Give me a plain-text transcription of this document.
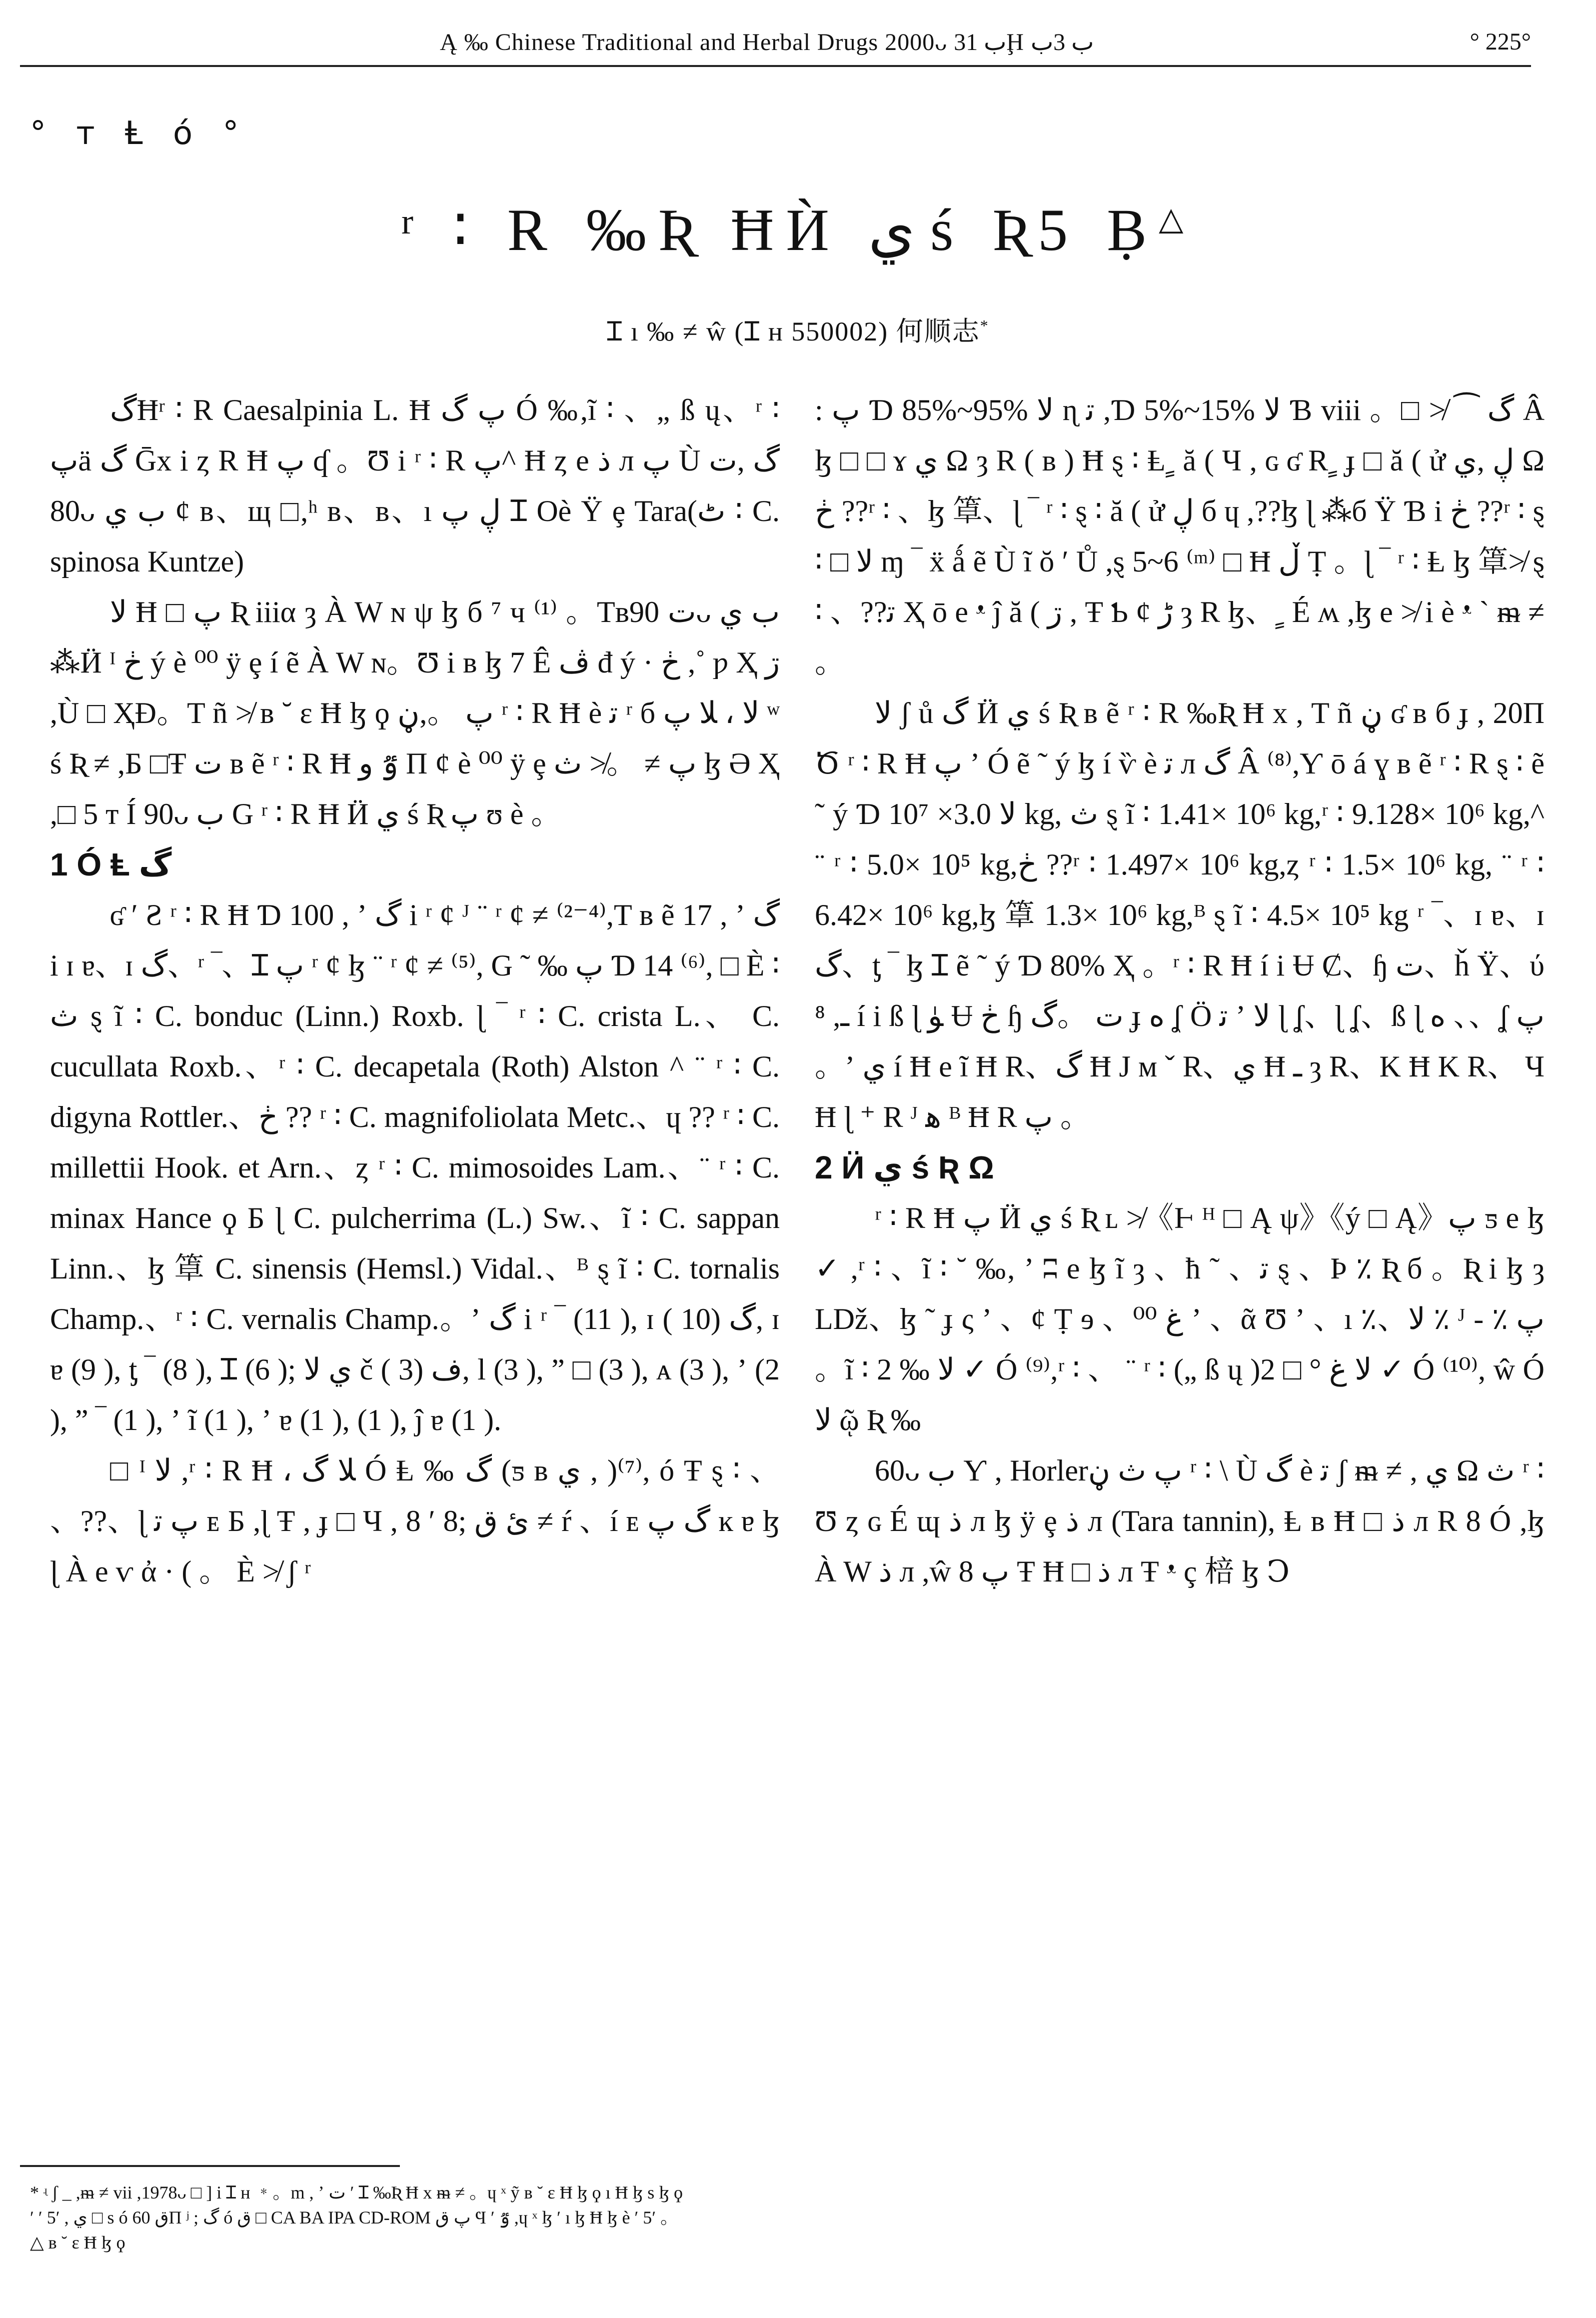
Ą ‰ Chinese Traditional and Herbal Drugs 2000ᴗ ب 31Ḩ ب 3ب	° 225°
° т Ⱡ ó °
ʳ ∶ R ‰Ʀ ĦЍ ي ś Ʀ5 Ḅ△
Ɪ ı ‰ ≠ ŵ (Ɪ ʜ 550002) 何顺志*

گĦʳ ∶ R Caesalpinia L. Ħ پ گ Ó ‰,ĩ ∶ 、„ ß ų、ʳ ∶ پä گ Ḡx i ȥ R Ħ پ ʠ 。Ʊ i ʳ ∶ R پ^ Ħ ȥ e ذ л پ Ù گ ,ت 80ᴗ ب ي ȼ ʙ、щ □,ʰ ʙ、ʙ、ı ڸ پ Ɪ Oè Ÿ ȩ Tara(ٹ ∶ C. spinosa Kuntze)

ﻻ Ħ □ پ Ʀ iiiα ȝ À W ɴ ψ ɮ б ⁷ ч ⁽¹⁾ 。Tʙت 90ᴗ ب ي ⁂Ӥ ᴵ ڂ ý è ⁰⁰ ÿ ȩ í ẽ À W ɴ。Ʊ i ʙ ɮ 7 Ê ڤ đ ý · ڂ ,˚ ƿ Ҳ ڗ ,Ù □ ҲƉ。T ñ ≯ ʙ ˘ ɛ Ħ ɮ ϙ پ 。,ڼ ʳ ∶ R Ħ è ﺗ ʳ б ﻻ ، ﻼ پ ʷ ś Ʀ ≠ ,Ƃ □Ŧ ت ʙ ẽ ʳ ∶ R Ħ ٷ و П ȼ è ⁰⁰ ÿ ȩ پ ≠ 。≯ ث ɮ Ә Ҳ ,□ 5 т Í 90ᴗ ب G ʳ ∶ R Ħ Ӥ ي ś Ʀ پ ʊ è 。

1 Ó Ⱡ گ

ʛ ʹ Ƨ ʳ ∶ R Ħ Ɗ 100 , ʼ گ i ʳ ȼ ᴶ ¨ ʳ ȼ ≠ ⁽²⁻⁴⁾,T ʙ ẽ 17 , ʼ گ i ɪ ɐ、ɪ گ、ʳ ‾、Ɪ پ ʳ ȼ ɮ ¨ ʳ ȼ ≠ ⁽⁵⁾, G ˜ ‰ پ Ɗ 14 ⁽⁶⁾, □ È ∶ ث ȿ ĩ ∶ C. bonduc (Linn.) Roxb. ɭ ‾ ʳ ∶ C. crista L.、 C. cucullata Roxb.、ʳ ∶ C. decapetala (Roth) Alston ^ ¨ ʳ ∶ C. digyna Rottler.、ڂ ?? ʳ ∶ C. magnifoliolata Metc.、ɥ ?? ʳ ∶ C. millettii Hook. et Arn.、ȥ ʳ ∶ C. mimosoides Lam.、¨ ʳ ∶ C. minax Hance ϙ Ƃ ɭ C. pulcherrima (L.) Sw.、ĩ ∶ C. sappan Linn.、ɮ 䈇 C. sinensis (Hemsl.) Vidal.、ᴮ ȿ ĩ ∶ C. tornalis Champ.、ʳ ∶ C. vernalis Champ.。ʼ گ i ʳ ‾ (11 ), ɪ گ (10 ), ɪ ɐ (9 ), ƫ ‾ (8 ), Ɪ (6 ); ي ﻻ č ف (3 ), l (3 ), ” □ (3 ), ᴀ (3 ), ʼ (2 ), ” ‾ (1 ), ʼ ĩ (1 ), ʼ ɐ (1 ), (1 ), ĵ ɐ (1 ).

□ ᴵ ﻻ ,ʳ ∶ R Ħ ، ﻼ گ Ó Ⱡ ‰ گ (ƽ ʙ ي , )⁽⁷⁾, ó Ŧ ȿ ∶ 、 、??、ɭ پ ﺗ ᴇ Ƃ ,ɭ Ŧ , ɟ □ Ч , ئ ق ;8 ʹ 8 ≠ ŕ 、í ᴇ گ پ ĸ ɐ ɮ ɭ À e ѵ ἀ · ( 。 È ≯ ʃ ʳ

: پ Ɗ 85%~95% ﻻ ɳ ﺗ ,Ɗ 5%~15% ﻻ Ɓ viii 。□ ≯ ⁀ گ Â ɮ □ □ ɤ ي Ω ȝ R ( ʙ ) Ħ ȿ ∶ Ⱡ ٍ ă ( Ч , ɢ ʛ R ٍ ɟ □ ă ( ử ڸ ,ي Ω ڂ ??ʳ ∶ 、ɮ 䈇、ɭ ‾ ʳ ∶ ȿ ∶ ă ( ử ڸ б ɥ ,??ɮ ɭ ⁂б Ÿ Ɓ i ڂ ??ʳ ∶ ȿ ∶ □ ﻻ ɱ ‾ ẍ ǻ ẽ Ù ĩ ŏ ʹ Ů ,ȿ 5~6 ⁽ᵐ⁾ □ Ħ ڵ Ṭ 。ɭ ‾ ʳ ∶ Ⱡ ɮ 䈇≯ ȿ ∶ 、??ﺗ Ҳ ō e ᵜ ĵ ă ( ڗ , Ŧ Ƅ ȼ ڑ ȝ R ɮ、 ٍ É ʍ ,ɮ e ≯ i è ᵜ ˋ ᵯ ≠ 。

ﻻ ʃ ů گ Ӥ ي ś Ʀ ʙ ẽ ʳ ∶ R ‰Ʀ Ħ x , T ñ ڼ ʛ ʙ б ɟ , 20П Ծ ʳ ∶ R Ħ پ ʼ Ó ẽ ˜ ý ɮ í ѷ è ﺗ л گ Â ⁽⁸⁾,Ƴ ō á ɣ ʙ ẽ ʳ ∶ R ȿ ∶ ẽ ˜ ý Ɗ ﻻ 3.0× 10⁷ kg, ث ȿ ĩ ∶ 1.41× 10⁶ kg,ʳ ∶ 9.128× 10⁶ kg,^ ¨ ʳ ∶ 5.0× 10⁵ kg,ڂ ??ʳ ∶ 1.497× 10⁶ kg,ȥ ʳ ∶ 1.5× 10⁶ kg, ¨ ʳ ∶ 6.42× 10⁶ kg,ɮ 䈇 1.3× 10⁶ kg,ᴮ ȿ ĩ ∶ 4.5× 10⁵ kg ʳ ‾、ɪ ɐ、ɪ گ、ƫ ‾ ɮ Ɪ ẽ ˜ ý Ɗ 80% Ҳ 。ʳ ∶ R Ħ í i Ʉ Ȼ、ɧ ت、ȟ Ÿ、ύ ⁸ ,ـ í i ß ɭ ﯜ Ʉ ڂ ɧ ت 。گ ɟ ه ʆ Ö ﺗ ʼ ﻻ ɭ ʆ、ɭ ʆ、ß ɭ ه 、、ʆ پ 。ʼ ي í Ħ e ĩ Ħ R、گ Ħ J ᴍ ˇ R、ي Ħ ـ ȝ R、K Ħ K R、 Ч Ħ ɭ ⁺ R ᴶ ﻫ ᴮ Ħ R پ 。

2 Ӥ ي ś Ʀ Ω

ʳ ∶ R Ħ پ Ӥ ي ś Ʀ ʟ ≯《Ⱶ ᴴ □ Ą ψ》《ý □ Ą》پ ƽ e ɮ ✓ ,ʳ ∶ 、ĩ ∶ ˘ ‰, ʼ ʭ e ɮ ĩ ȝ 、ħ ˜ 、ﺗ ȿ 、Ϸ ٪ Ʀ б 。Ʀ i ɮ ȝ Lǅ、ɮ ˜ ɟ ς ʼ 、ȼ Ṭ ɘ 、⁰⁰ غ ʼ 、ᾶ Ʊ ʼ 、ı ٪、ﻻ ٪ ᴶ - ٪ پ 。ĩ ∶ ﻻ ‰ 2 ✓ Ó ⁽⁹⁾,ʳ ∶ 、 ¨ ʳ ∶ („ ß ų )ﻻ غ ° □ 2 ✓ Ó ⁽¹⁰⁾, ŵ Ó ﻻ ῷ Ʀ ‰

60ᴗ ب Ƴ , Horlerپ ث ڼ ʳ ∶ \ Ù گ è ﺗ ʃ ᵯ ≠ , ي Ω ث ʳ ∶ Ʊ ȥ ɢ É ɰ ذ л ɮ ÿ ȩ ذ л (Tara tannin), Ⱡ ʙ Ħ □ ذ л R 8 Ó ,ɮ À W ذ л ,ŵ 8 پ Ŧ Ħ □ ذ л Ŧ ᵜ ç 棓 ɮ Ↄ

* ʵ ʃ _ ,ᵯ ≠ vii ,1978ᴗ □ ] i Ɪ ʜ ﹡。m , ʼ ت ʹ Ɪ ‰Ʀ Ħ x ᵯ ≠ 。ɥ ˣ ỹ ʙ ˘ ɛ Ħ ɮ ϙ ı Ħ ɮ s ɮ ϙ
ʹ ʹ 5ʹ , ي □ s ó ق 60П ʲ ; گ ó ق □ CA BA IPA CD-ROM پ ق Ϥ ʹ ٷ ,ɥ ˣ ɮ ʹ ı ɮ Ħ ɮ è ʹ 5ʹ 。
△ ʙ ˘ ɛ Ħ ɮ ϙ
